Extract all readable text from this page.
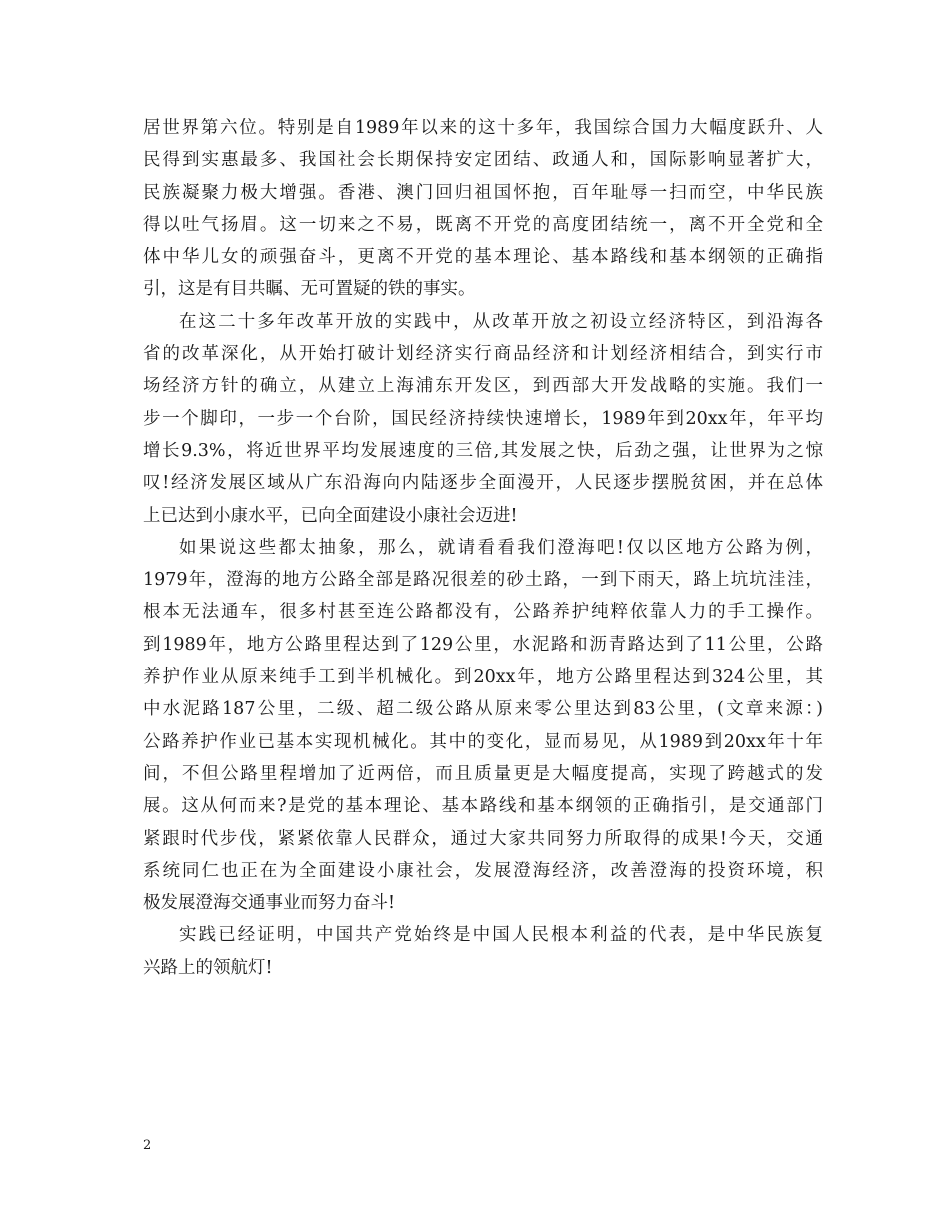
居世界第六位。特别是自1989年以来的这十多年，我国综合国力大幅度跃升、人
民得到实惠最多、我国社会长期保持安定团结、政通人和，国际影响显著扩大，
民族凝聚力极大增强。香港、澳门回归祖国怀抱，百年耻辱一扫而空，中华民族
得以吐气扬眉。这一切来之不易，既离不开党的高度团结统一，离不开全党和全
体中华儿女的顽强奋斗，更离不开党的基本理论、基本路线和基本纲领的正确指
引，这是有目共瞩、无可置疑的铁的事实。
在这二十多年改革开放的实践中，从改革开放之初设立经济特区，到沿海各
省的改革深化，从开始打破计划经济实行商品经济和计划经济相结合，到实行市
场经济方针的确立，从建立上海浦东开发区，到西部大开发战略的实施。我们一
步一个脚印，一步一个台阶，国民经济持续快速增长，1989年到20xx年，年平均
增长9.3%，将近世界平均发展速度的三倍,其发展之快，后劲之强，让世界为之惊
叹!经济发展区域从广东沿海向内陆逐步全面漫开，人民逐步摆脱贫困，并在总体
上已达到小康水平，已向全面建设小康社会迈进!
如果说这些都太抽象，那么，就请看看我们澄海吧!仅以区地方公路为例，
1979年，澄海的地方公路全部是路况很差的砂土路，一到下雨天，路上坑坑洼洼，
根本无法通车，很多村甚至连公路都没有，公路养护纯粹依靠人力的手工操作。
到1989年，地方公路里程达到了129公里，水泥路和沥青路达到了11公里，公路
养护作业从原来纯手工到半机械化。到20xx年，地方公路里程达到324公里，其
中水泥路187公里，二级、超二级公路从原来零公里达到83公里，(文章来源：)
公路养护作业已基本实现机械化。其中的变化，显而易见，从1989到20xx年十年
间，不但公路里程增加了近两倍，而且质量更是大幅度提高，实现了跨越式的发
展。这从何而来?是党的基本理论、基本路线和基本纲领的正确指引，是交通部门
紧跟时代步伐，紧紧依靠人民群众，通过大家共同努力所取得的成果!今天，交通
系统同仁也正在为全面建设小康社会，发展澄海经济，改善澄海的投资环境，积
极发展澄海交通事业而努力奋斗!
实践已经证明，中国共产党始终是中国人民根本利益的代表，是中华民族复
兴路上的领航灯!
2
